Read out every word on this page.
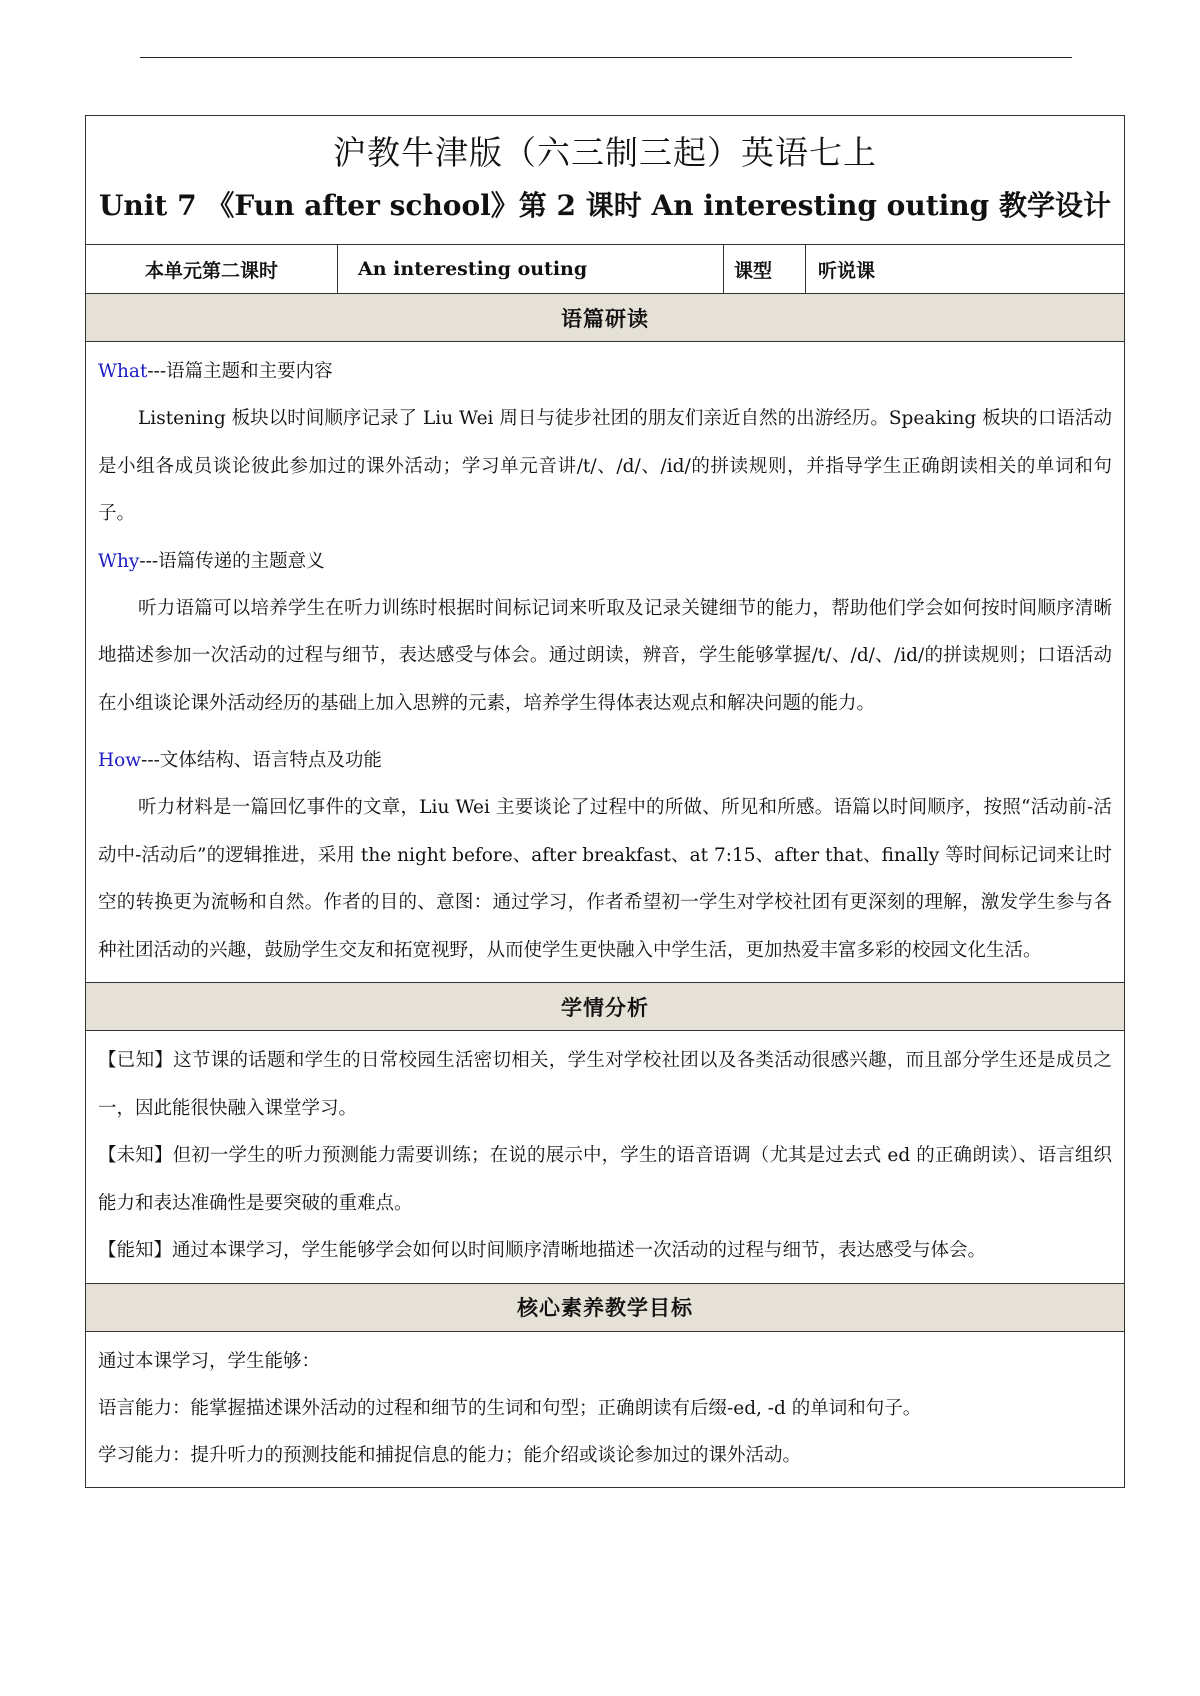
沪教牛津版（六三制三起）英语七上
Unit 7 《Fun after school》第 2 课时 An interesting outing 教学设计
本单元第二课时	An interesting outing	课型	听说课
语篇研读
What---语篇主题和主要内容
Listening 板块以时间顺序记录了 Liu Wei 周日与徒步社团的朋友们亲近自然的出游经历。Speaking 板块的口语活动是小组各成员谈论彼此参加过的课外活动；学习单元音讲/t/、/d/、/id/的拼读规则，并指导学生正确朗读相关的单词和句子。
Why---语篇传递的主题意义
听力语篇可以培养学生在听力训练时根据时间标记词来听取及记录关键细节的能力，帮助他们学会如何按时间顺序清晰地描述参加一次活动的过程与细节，表达感受与体会。通过朗读，辨音，学生能够掌握/t/、/d/、/id/的拼读规则；口语活动在小组谈论课外活动经历的基础上加入思辨的元素，培养学生得体表达观点和解决问题的能力。
How---文体结构、语言特点及功能
听力材料是一篇回忆事件的文章，Liu Wei 主要谈论了过程中的所做、所见和所感。语篇以时间顺序，按照“活动前-活动中-活动后”的逻辑推进，采用 the night before、after breakfast、at 7:15、after that、finally 等时间标记词来让时空的转换更为流畅和自然。作者的目的、意图：通过学习，作者希望初一学生对学校社团有更深刻的理解，激发学生参与各种社团活动的兴趣，鼓励学生交友和拓宽视野，从而使学生更快融入中学生活，更加热爱丰富多彩的校园文化生活。
学情分析
【已知】这节课的话题和学生的日常校园生活密切相关，学生对学校社团以及各类活动很感兴趣，而且部分学生还是成员之一，因此能很快融入课堂学习。
【未知】但初一学生的听力预测能力需要训练；在说的展示中，学生的语音语调（尤其是过去式 ed 的正确朗读）、语言组织能力和表达准确性是要突破的重难点。
【能知】通过本课学习，学生能够学会如何以时间顺序清晰地描述一次活动的过程与细节，表达感受与体会。
核心素养教学目标
通过本课学习，学生能够：
语言能力：能掌握描述课外活动的过程和细节的生词和句型；正确朗读有后缀-ed, -d 的单词和句子。
学习能力：提升听力的预测技能和捕捉信息的能力；能介绍或谈论参加过的课外活动。
